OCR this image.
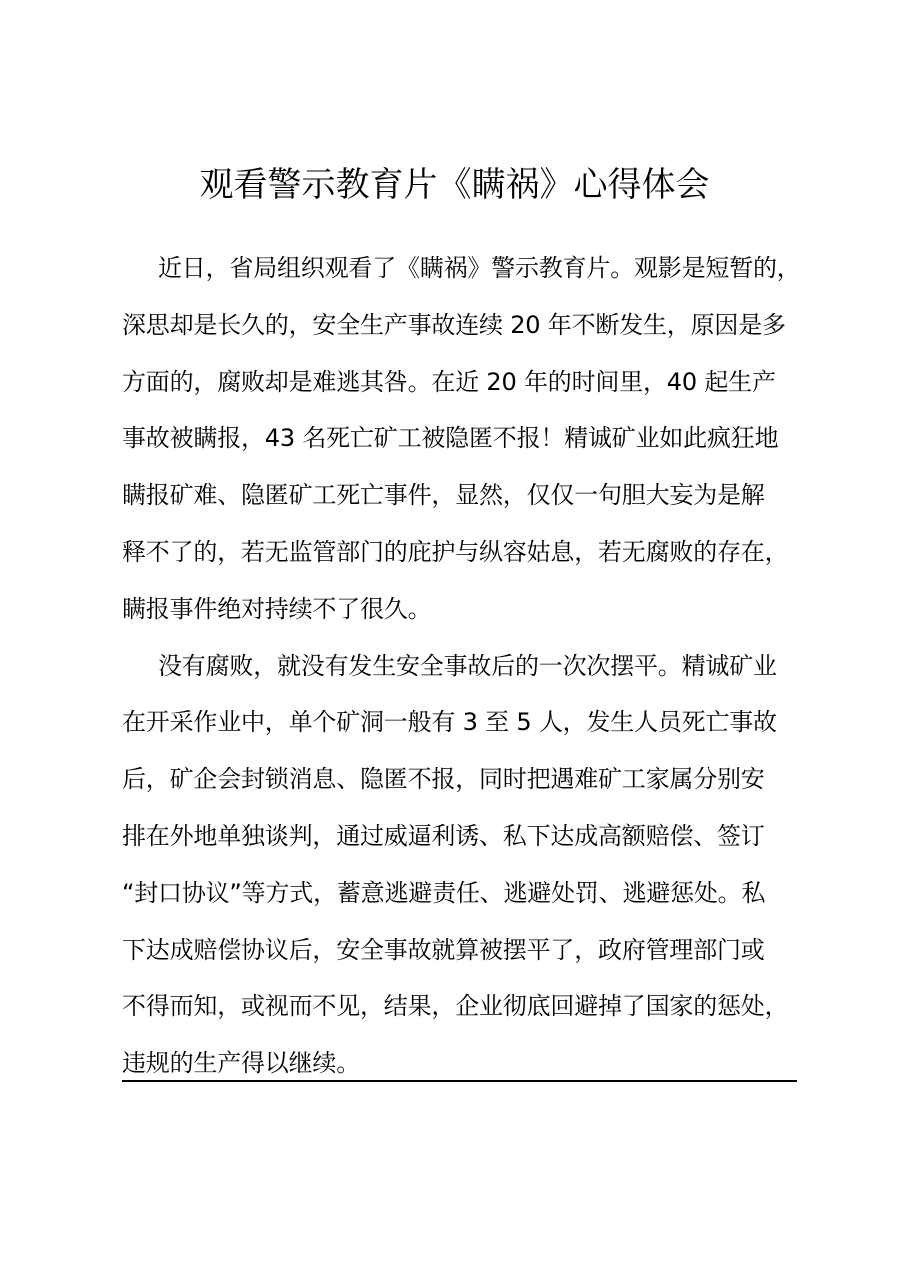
观看警示教育片《瞒祸》心得体会
近日，省局组织观看了《瞒祸》警示教育片。观影是短暂的，
深思却是长久的，安全生产事故连续 20 年不断发生，原因是多
方面的，腐败却是难逃其咎。在近 20 年的时间里，40 起生产
事故被瞒报，43 名死亡矿工被隐匿不报！精诚矿业如此疯狂地
瞒报矿难、隐匿矿工死亡事件，显然，仅仅一句胆大妄为是解
释不了的，若无监管部门的庇护与纵容姑息，若无腐败的存在，
瞒报事件绝对持续不了很久。
没有腐败，就没有发生安全事故后的一次次摆平。精诚矿业
在开采作业中，单个矿洞一般有 3 至 5 人，发生人员死亡事故
后，矿企会封锁消息、隐匿不报，同时把遇难矿工家属分别安
排在外地单独谈判，通过威逼利诱、私下达成高额赔偿、签订
“封口协议”等方式，蓄意逃避责任、逃避处罚、逃避惩处。私
下达成赔偿协议后，安全事故就算被摆平了，政府管理部门或
不得而知，或视而不见，结果，企业彻底回避掉了国家的惩处，
违规的生产得以继续。
